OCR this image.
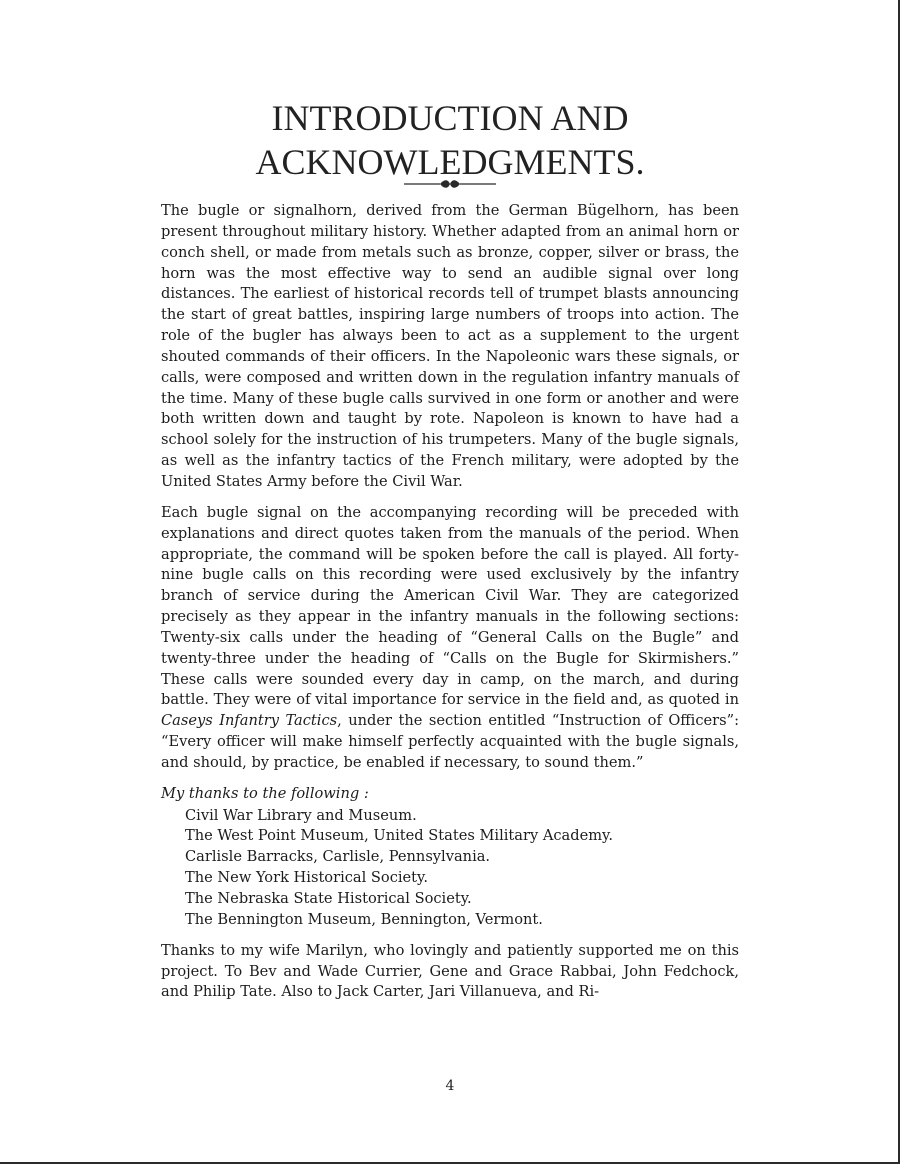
INTRODUCTION AND
ACKNOWLEDGMENTS.

The bugle or signalhorn, derived from the German Bügelhorn, has been present throughout military history. Whether adapted from an animal horn or conch shell, or made from metals such as bronze, copper, silver or brass, the horn was the most effective way to send an audible signal over long distances. The earliest of historical records tell of trumpet blasts announcing the start of great battles, inspiring large numbers of troops into action. The role of the bugler has always been to act as a supplement to the urgent shouted commands of their officers. In the Napoleonic wars these signals, or calls, were composed and written down in the regulation infantry manuals of the time. Many of these bugle calls survived in one form or another and were both written down and taught by rote. Napoleon is known to have had a school solely for the instruction of his trumpeters. Many of the bugle signals, as well as the infantry tactics of the French military, were adopted by the United States Army before the Civil War.

Each bugle signal on the accompanying recording will be preceded with explanations and direct quotes taken from the manuals of the period. When appropriate, the command will be spoken before the call is played. All forty-nine bugle calls on this recording were used exclusively by the infantry branch of service during the American Civil War. They are categorized precisely as they appear in the infantry manuals in the following sections: Twenty-six calls under the heading of “General Calls on the Bugle” and twenty-three under the heading of “Calls on the Bugle for Skirmishers.” These calls were sounded every day in camp, on the march, and during battle. They were of vital importance for service in the field and, as quoted in Caseys Infantry Tactics, under the section entitled “Instruction of Officers”: “Every officer will make himself perfectly acquainted with the bugle signals, and should, by practice, be enabled if necessary, to sound them.”

My thanks to the following :

Civil War Library and Museum.
The West Point Museum, United States Military Academy.
Carlisle Barracks, Carlisle, Pennsylvania.
The New York Historical Society.
The Nebraska State Historical Society.
The Bennington Museum, Bennington, Vermont.

Thanks to my wife Marilyn, who lovingly and patiently supported me on this project. To Bev and Wade Currier, Gene and Grace Rabbai, John Fedchock, and Philip Tate. Also to Jack Carter, Jari Villanueva, and Ri-

4
